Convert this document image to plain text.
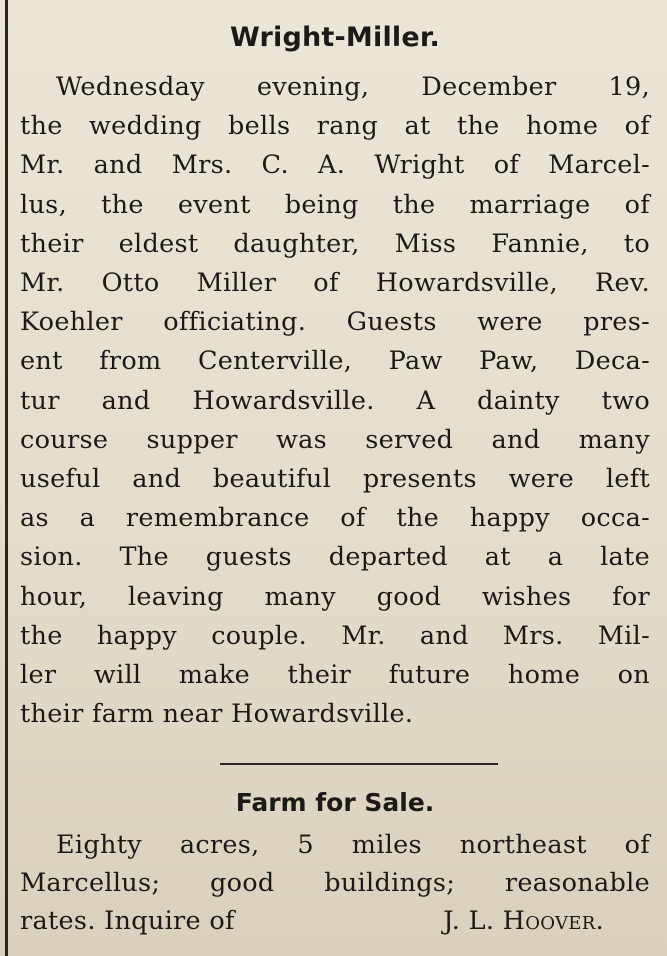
Wright-Miller.
Wednesday evening, December 19,
the wedding bells rang at the home of
Mr. and Mrs. C. A. Wright of Marcel-
lus, the event being the marriage of
their eldest daughter, Miss Fannie, to
Mr. Otto Miller of Howardsville, Rev.
Koehler officiating. Guests were pres-
ent from Centerville, Paw Paw, Deca-
tur and Howardsville. A dainty two
course supper was served and many
useful and beautiful presents were left
as a remembrance of the happy occa-
sion. The guests departed at a late
hour, leaving many good wishes for
the happy couple. Mr. and Mrs. Mil-
ler will make their future home on
their farm near Howardsville.
Farm for Sale.
Eighty acres, 5 miles northeast of
Marcellus; good buildings; reasonable
rates. Inquire of	J. L. Hoover.
